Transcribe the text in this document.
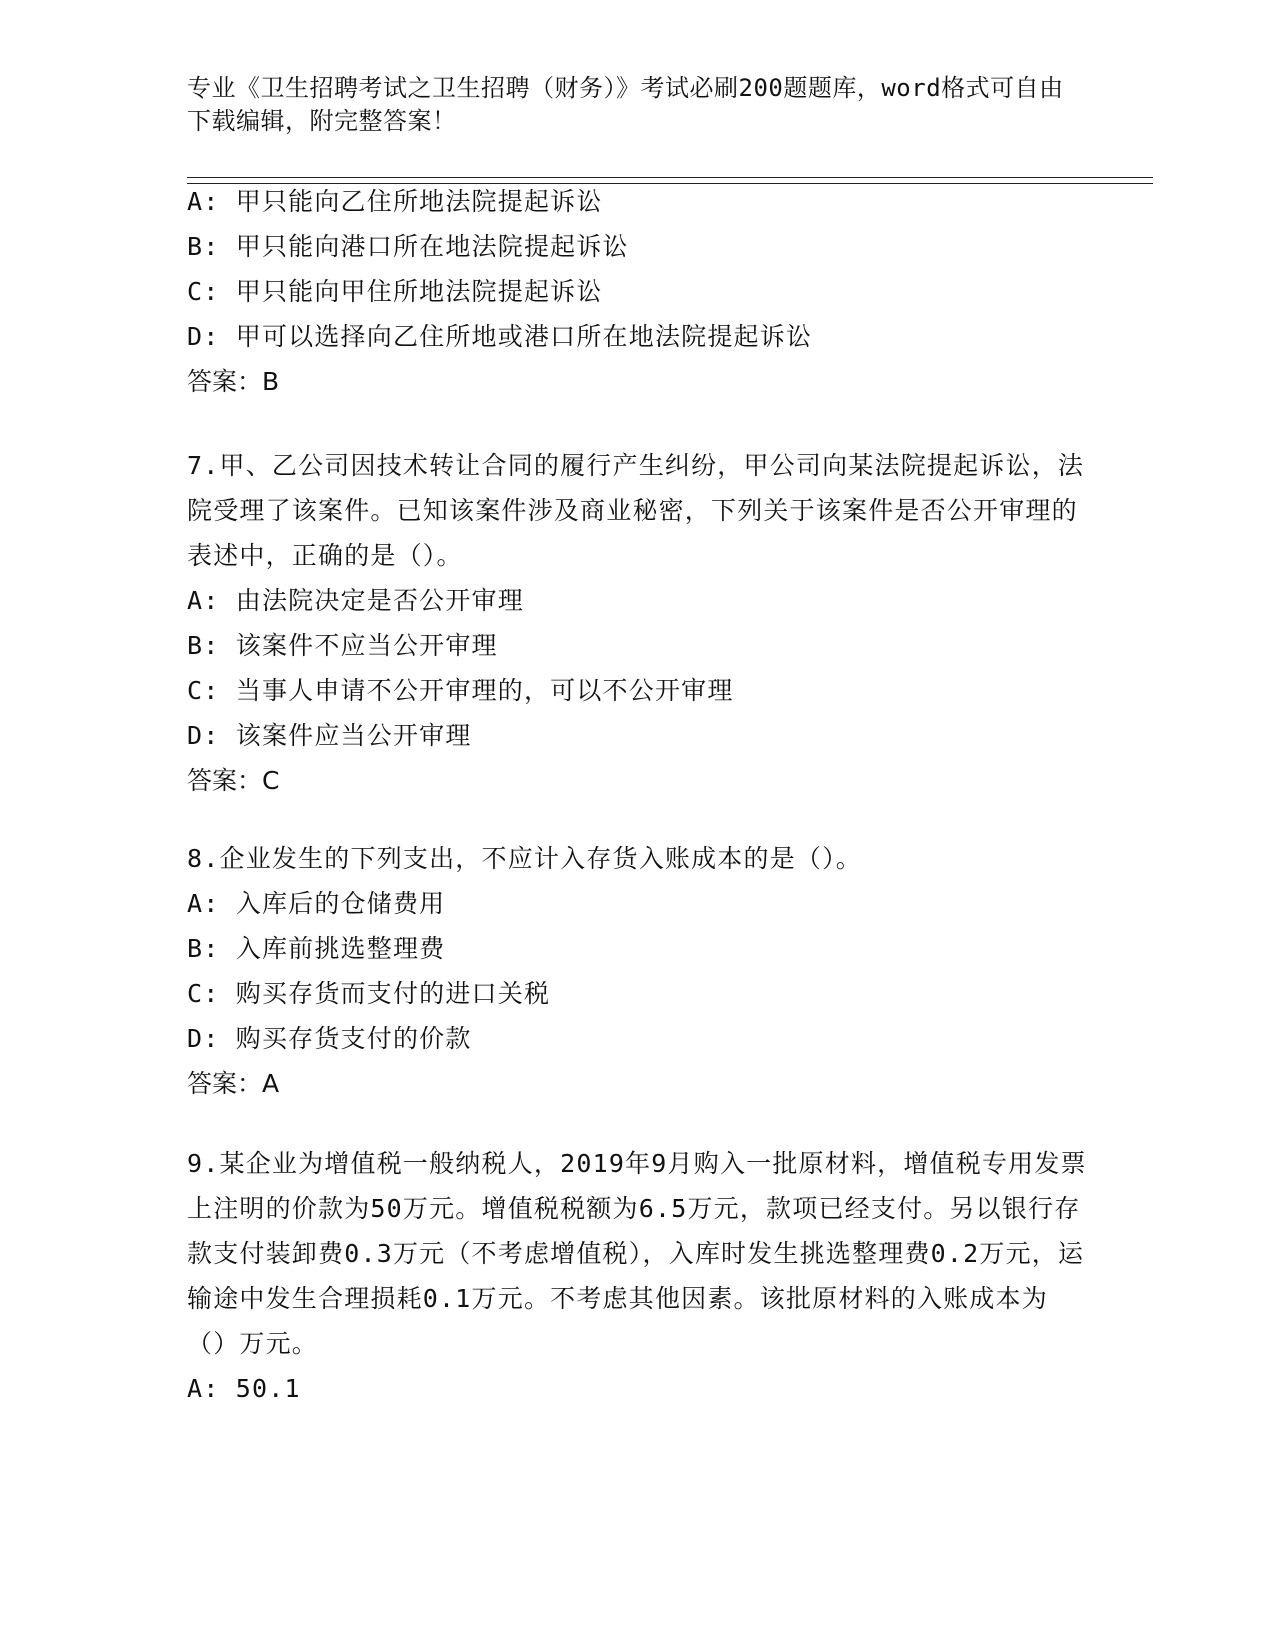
专业《卫生招聘考试之卫生招聘（财务）》考试必刷200题题库，word格式可自由下载编辑，附完整答案！
A: 甲只能向乙住所地法院提起诉讼
B: 甲只能向港口所在地法院提起诉讼
C: 甲只能向甲住所地法院提起诉讼
D: 甲可以选择向乙住所地或港口所在地法院提起诉讼
答案：B
7.甲、乙公司因技术转让合同的履行产生纠纷，甲公司向某法院提起诉讼，法院受理了该案件。已知该案件涉及商业秘密，下列关于该案件是否公开审理的表述中，正确的是（）。
A: 由法院决定是否公开审理
B: 该案件不应当公开审理
C: 当事人申请不公开审理的，可以不公开审理
D: 该案件应当公开审理
答案：C
8.企业发生的下列支出，不应计入存货入账成本的是（）。
A: 入库后的仓储费用
B: 入库前挑选整理费
C: 购买存货而支付的进口关税
D: 购买存货支付的价款
答案：A
9.某企业为增值税一般纳税人，2019年9月购入一批原材料，增值税专用发票上注明的价款为50万元。增值税税额为6.5万元，款项已经支付。另以银行存款支付装卸费0.3万元（不考虑增值税），入库时发生挑选整理费0.2万元，运输途中发生合理损耗0.1万元。不考虑其他因素。该批原材料的入账成本为（）万元。
A: 50.1
